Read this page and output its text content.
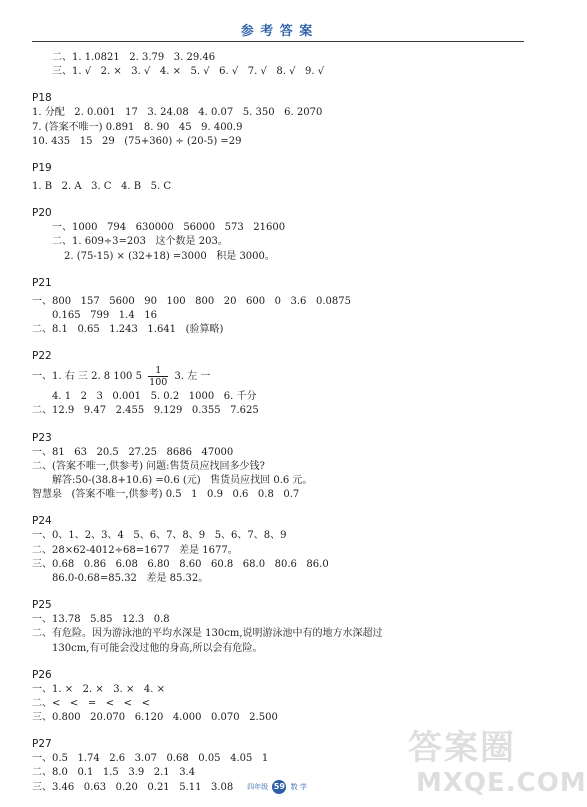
参 考 答 案
二、1. 1.0821   2. 3.79   3. 29.46
三、1. √   2. ×   3. √   4. ×   5. √   6. √   7. √   8. √   9. √
P18
1. 分配   2. 0.001   17   3. 24.08   4. 0.07   5. 350   6. 2070
7. (答案不唯一) 0.891   8. 90   45   9. 400.9
10. 435   15   29   (75+360) ÷ (20-5) =29
P19
1. B   2. A   3. C   4. B   5. C
P20
一、1000   794   630000   56000   573   21600
二、1. 609÷3=203   这个数是 203。
2. (75-15) × (32+18) =3000   积是 3000。
P21
一、800   157   5600   90   100   800   20   600   0   3.6   0.0875
0.165   799   1.4   16
二、8.1   0.65   1.243   1.641   (验算略)
P22
一、1. 右 三 2. 8 100 $5 \frac{1}{100} 3$. 左 一
4. 1   2   3   0.001   5. 0.2   1000   6. 千分
二、12.9   9.47   2.455   9.129   0.355   7.625
P23
一、81   63   20.5   27.25   8686   47000
二、(答案不唯一,供参考) 问题:售货员应找回多少钱?
解答:50-(38.8+10.6) =0.6 (元)   售货员应找回 0.6 元。
智慧泉   (答案不唯一,供参考) 0.5   1   0.9   0.6   0.8   0.7
P24
一、0、1、2、3、4   5、6、7、8、9   5、6、7、8、9
二、28×62-4012÷68=1677   差是 1677。
三、0.68   0.86   6.08   6.80   8.60   60.8   68.0   80.6   86.0
86.0-0.68=85.32   差是 85.32。
P25
一、13.78   5.85   12.3   0.8
二、有危险。因为游泳池的平均水深是 130cm,说明游泳池中有的地方水深超过
130cm,有可能会没过他的身高,所以会有危险。
P26
一、1. ×   2. ×   3. ×   4. ×
二、<   <   =   <   <   <
三、0.800   20.070   6.120   4.000   0.070   2.500
P27
一、0.5   1.74   2.6   3.07   0.68   0.05   4.05   1
二、8.0   0.1   1.5   3.9   2.1   3.4
三、3.46   0.63   0.20   0.21   5.11   3.08
答案圈
MXQE.COM
四年级 59 数 学
